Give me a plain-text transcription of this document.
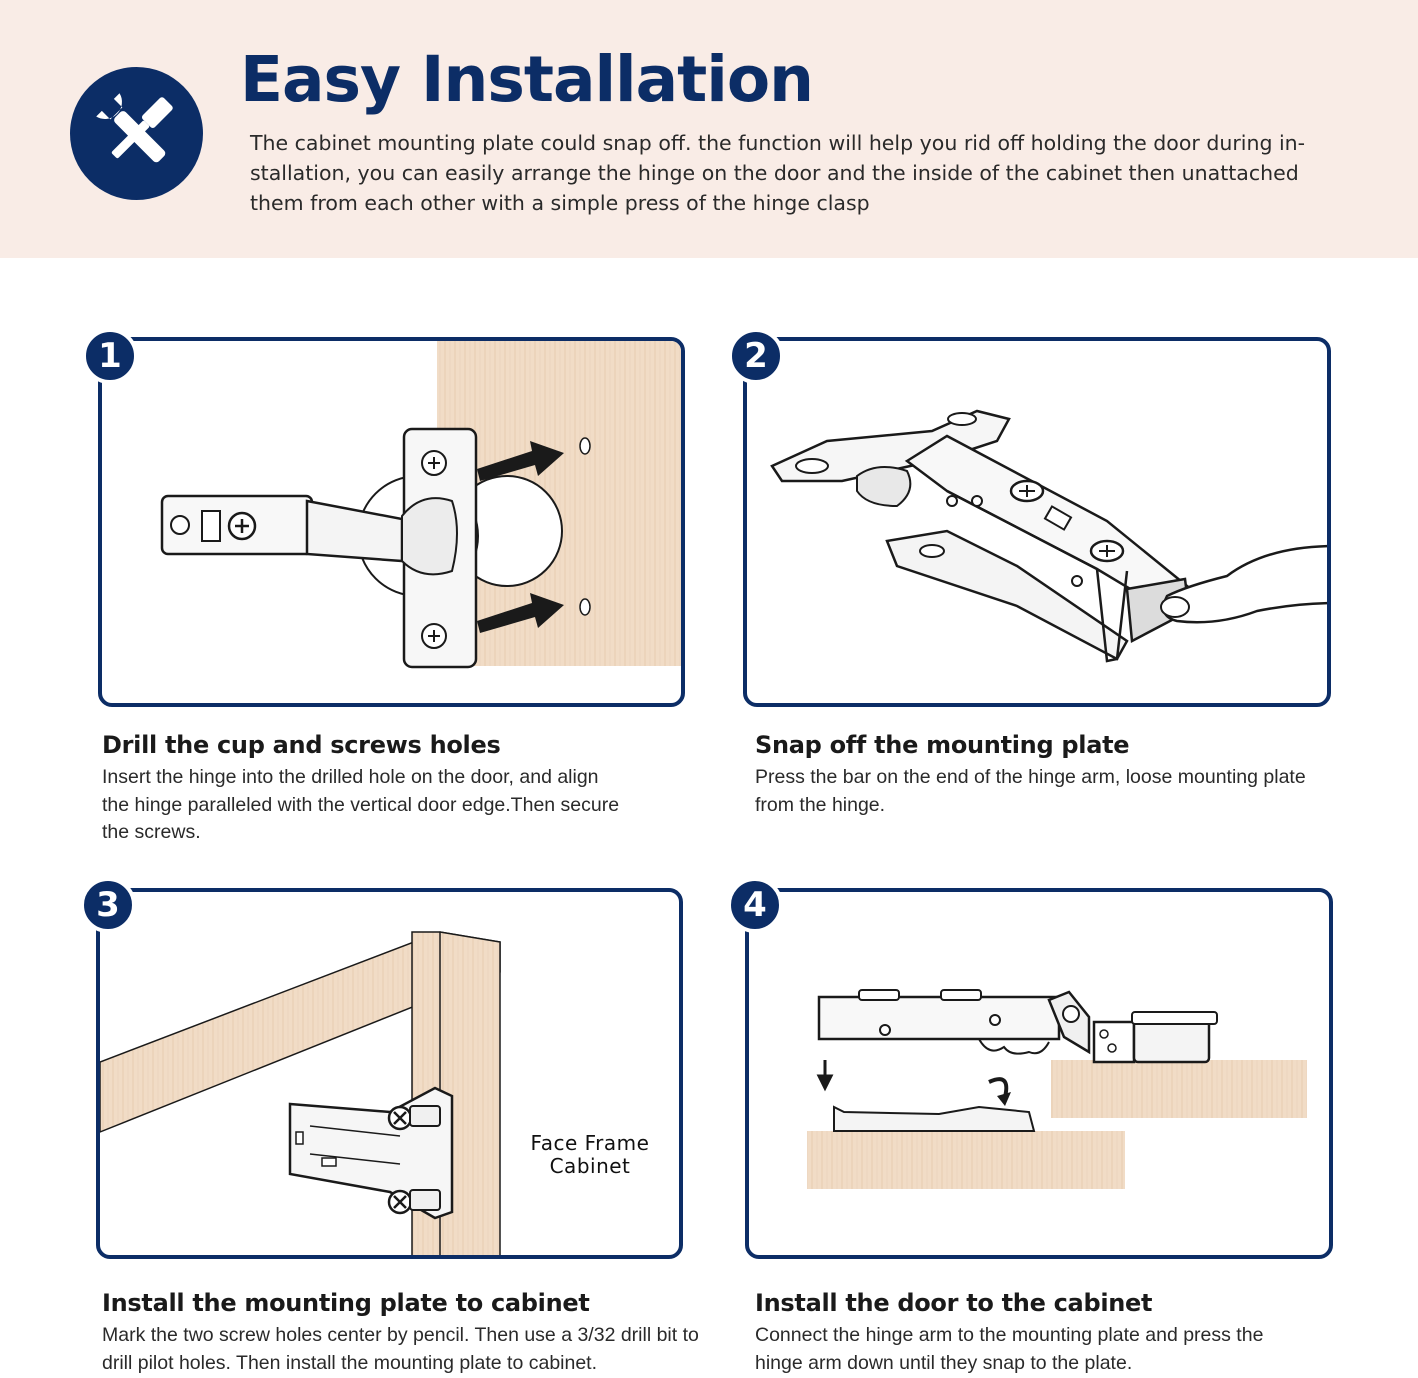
Easy Installation
The cabinet mounting plate could snap off. the function will help you rid off holding the door during in-
stallation, you can easily arrange the hinge on the door and the inside of the cabinet then unattached
them from each other with a simple press of the hinge clasp
1	2
Drill the cup and screws holes
Insert the hinge into the drilled hole on the door, and align
the hinge paralleled with the vertical door edge.Then secure
the screws.
Snap off the mounting plate
Press the bar on the end of the hinge arm, loose mounting plate
from the hinge.
Face Frame
Cabinet
3	4
Install the mounting plate to cabinet
Mark the two screw holes center by pencil. Then use a 3/32 drill bit to
drill pilot holes. Then install the mounting plate to cabinet.
Install the door to the cabinet
Connect the hinge arm to the mounting plate and press the
hinge arm down until they snap to the plate.
